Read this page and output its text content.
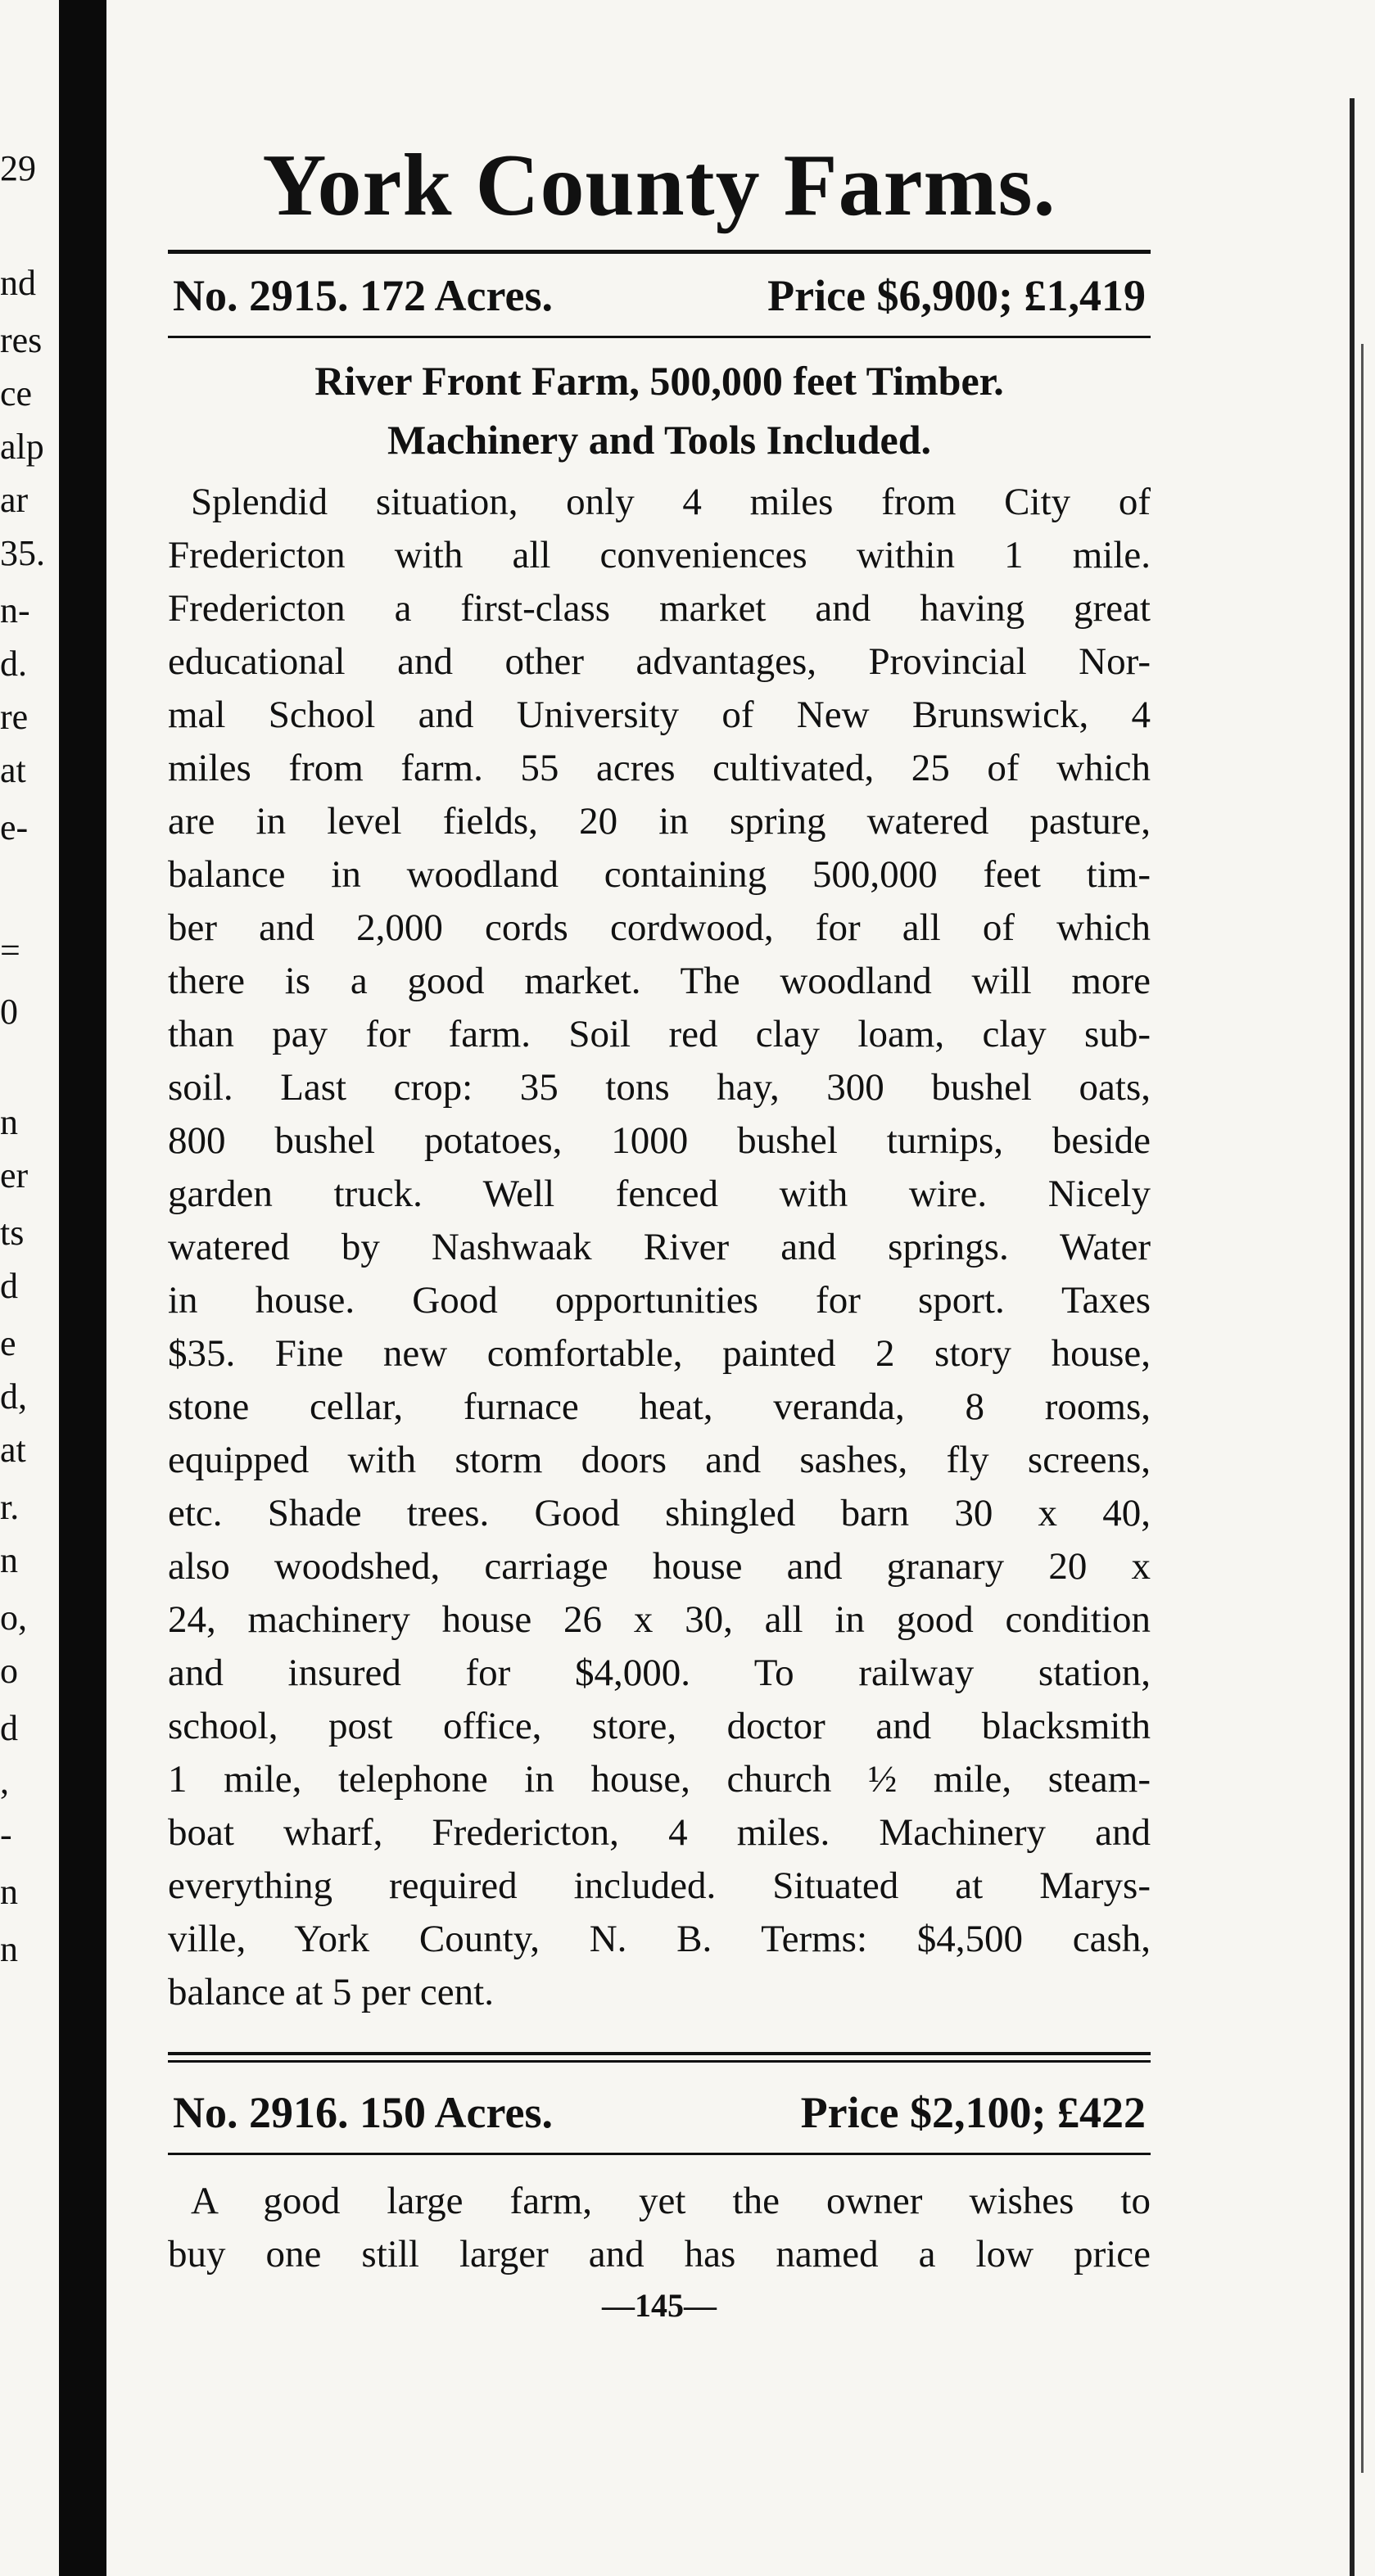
29
nd
res
ce
alp
ar
35.
n-
d.
re
at
e-
=
0
n
er
ts
d
e
d,
at
r.
n
o,
o
d
,
-
n
n
York County Farms.
No. 2915. 172 Acres.	Price $6,900; £1,419
River Front Farm, 500,000 feet Timber.
Machinery and Tools Included.
Splendid situation, only 4 miles from City of
Fredericton with all conveniences within 1 mile.
Fredericton a first-class market and having great
educational and other advantages, Provincial Nor-
mal School and University of New Brunswick, 4
miles from farm. 55 acres cultivated, 25 of which
are in level fields, 20 in spring watered pasture,
balance in woodland containing 500,000 feet tim-
ber and 2,000 cords cordwood, for all of which
there is a good market. The woodland will more
than pay for farm. Soil red clay loam, clay sub-
soil. Last crop: 35 tons hay, 300 bushel oats,
800 bushel potatoes, 1000 bushel turnips, beside
garden truck. Well fenced with wire. Nicely
watered by Nashwaak River and springs. Water
in house. Good opportunities for sport. Taxes
$35. Fine new comfortable, painted 2 story house,
stone cellar, furnace heat, veranda, 8 rooms,
equipped with storm doors and sashes, fly screens,
etc. Shade trees. Good shingled barn 30 x 40,
also woodshed, carriage house and granary 20 x
24, machinery house 26 x 30, all in good condition
and insured for $4,000. To railway station,
school, post office, store, doctor and blacksmith
1 mile, telephone in house, church ½ mile, steam-
boat wharf, Fredericton, 4 miles. Machinery and
everything required included. Situated at Marys-
ville, York County, N. B. Terms: $4,500 cash,
balance at 5 per cent.
No. 2916. 150 Acres.	Price $2,100; £422
A good large farm, yet the owner wishes to
buy one still larger and has named a low price
—145—
